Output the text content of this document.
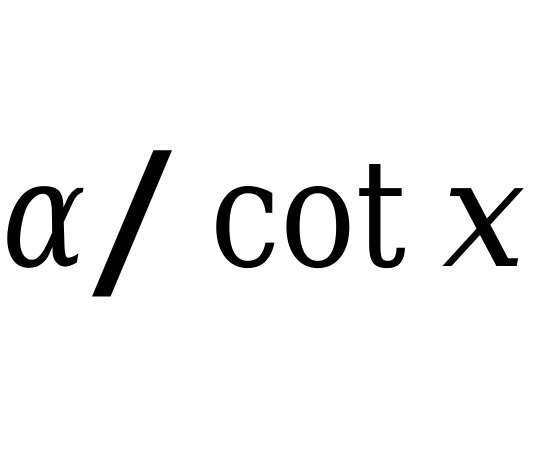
α / cot x
